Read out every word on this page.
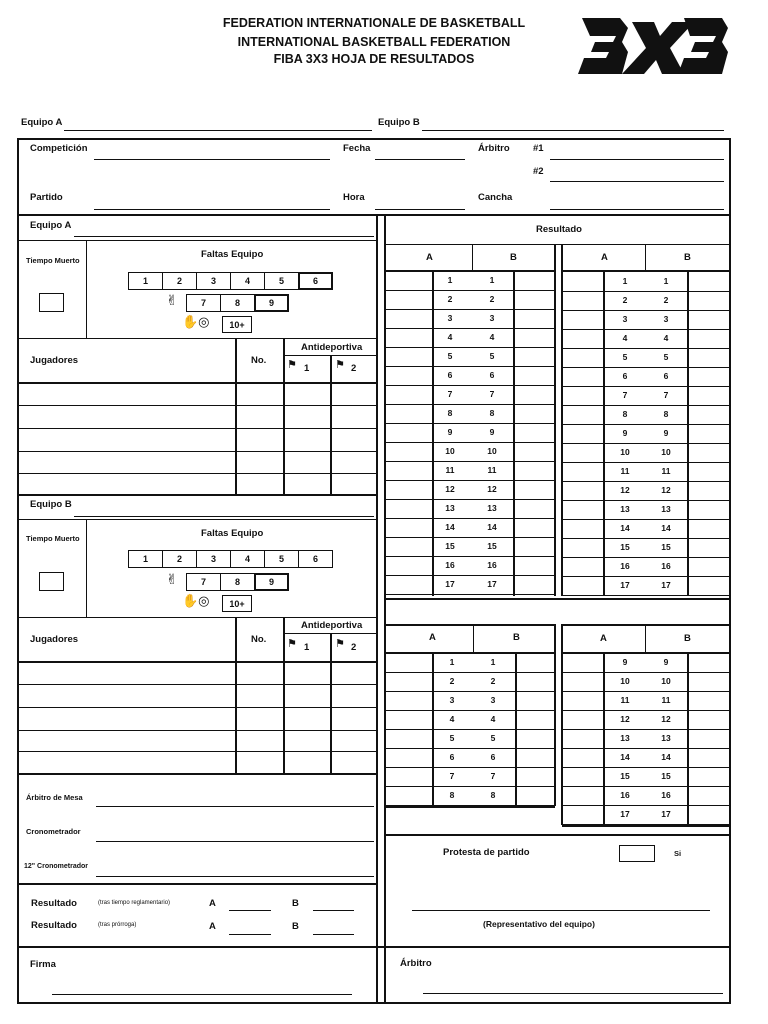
FEDERATION INTERNATIONALE DE BASKETBALL
INTERNATIONAL BASKETBALL FEDERATION
FIBA 3X3 HOJA DE RESULTADOS
Equipo A	Equipo B
Competición	Fecha	Árbitro #1
#2
Partido	Hora	Cancha
Equipo A
Tiempo Muerto
Faltas Equipo
1	2	3	4	5	6
✌	7	8	9
✋◎	10+
Jugadores	No.
Antideportiva
⚑ 1 ⚑ 2
Equipo B
Tiempo Muerto	Faltas Equipo
1	2	3	4	5	6
✌	7	8	9
✋◎	10+
Jugadores	No.
Antideportiva
⚑ 1 ⚑ 2
Árbitro de Mesa
Cronometrador
12" Cronometrador
Resultado	(tras tiempo reglamentario)	A	B
Resultado	(tras prórroga)	A	B
Firma	Árbitro
Resultado
A	B	A	B
1	1
2	2
3	3
4	4
5	5
6	6
7	7
8	8
9	9
10	10
11	11
12	12
13	13
14	14
15	15
16	16
17	17
1	1
2	2
3	3
4	4
5	5
6	6
7	7
8	8
9	9
10	10
11	11
12	12
13	13
14	14
15	15
16	16
17	17
A	B	A	B
1	1
2	2
3	3
4	4
5	5
6	6
7	7
8	8
9	9
10	10
11	11
12	12
13	13
14	14
15	15
16	16
17	17
Protesta de partido	Si
(Representativo del equipo)
